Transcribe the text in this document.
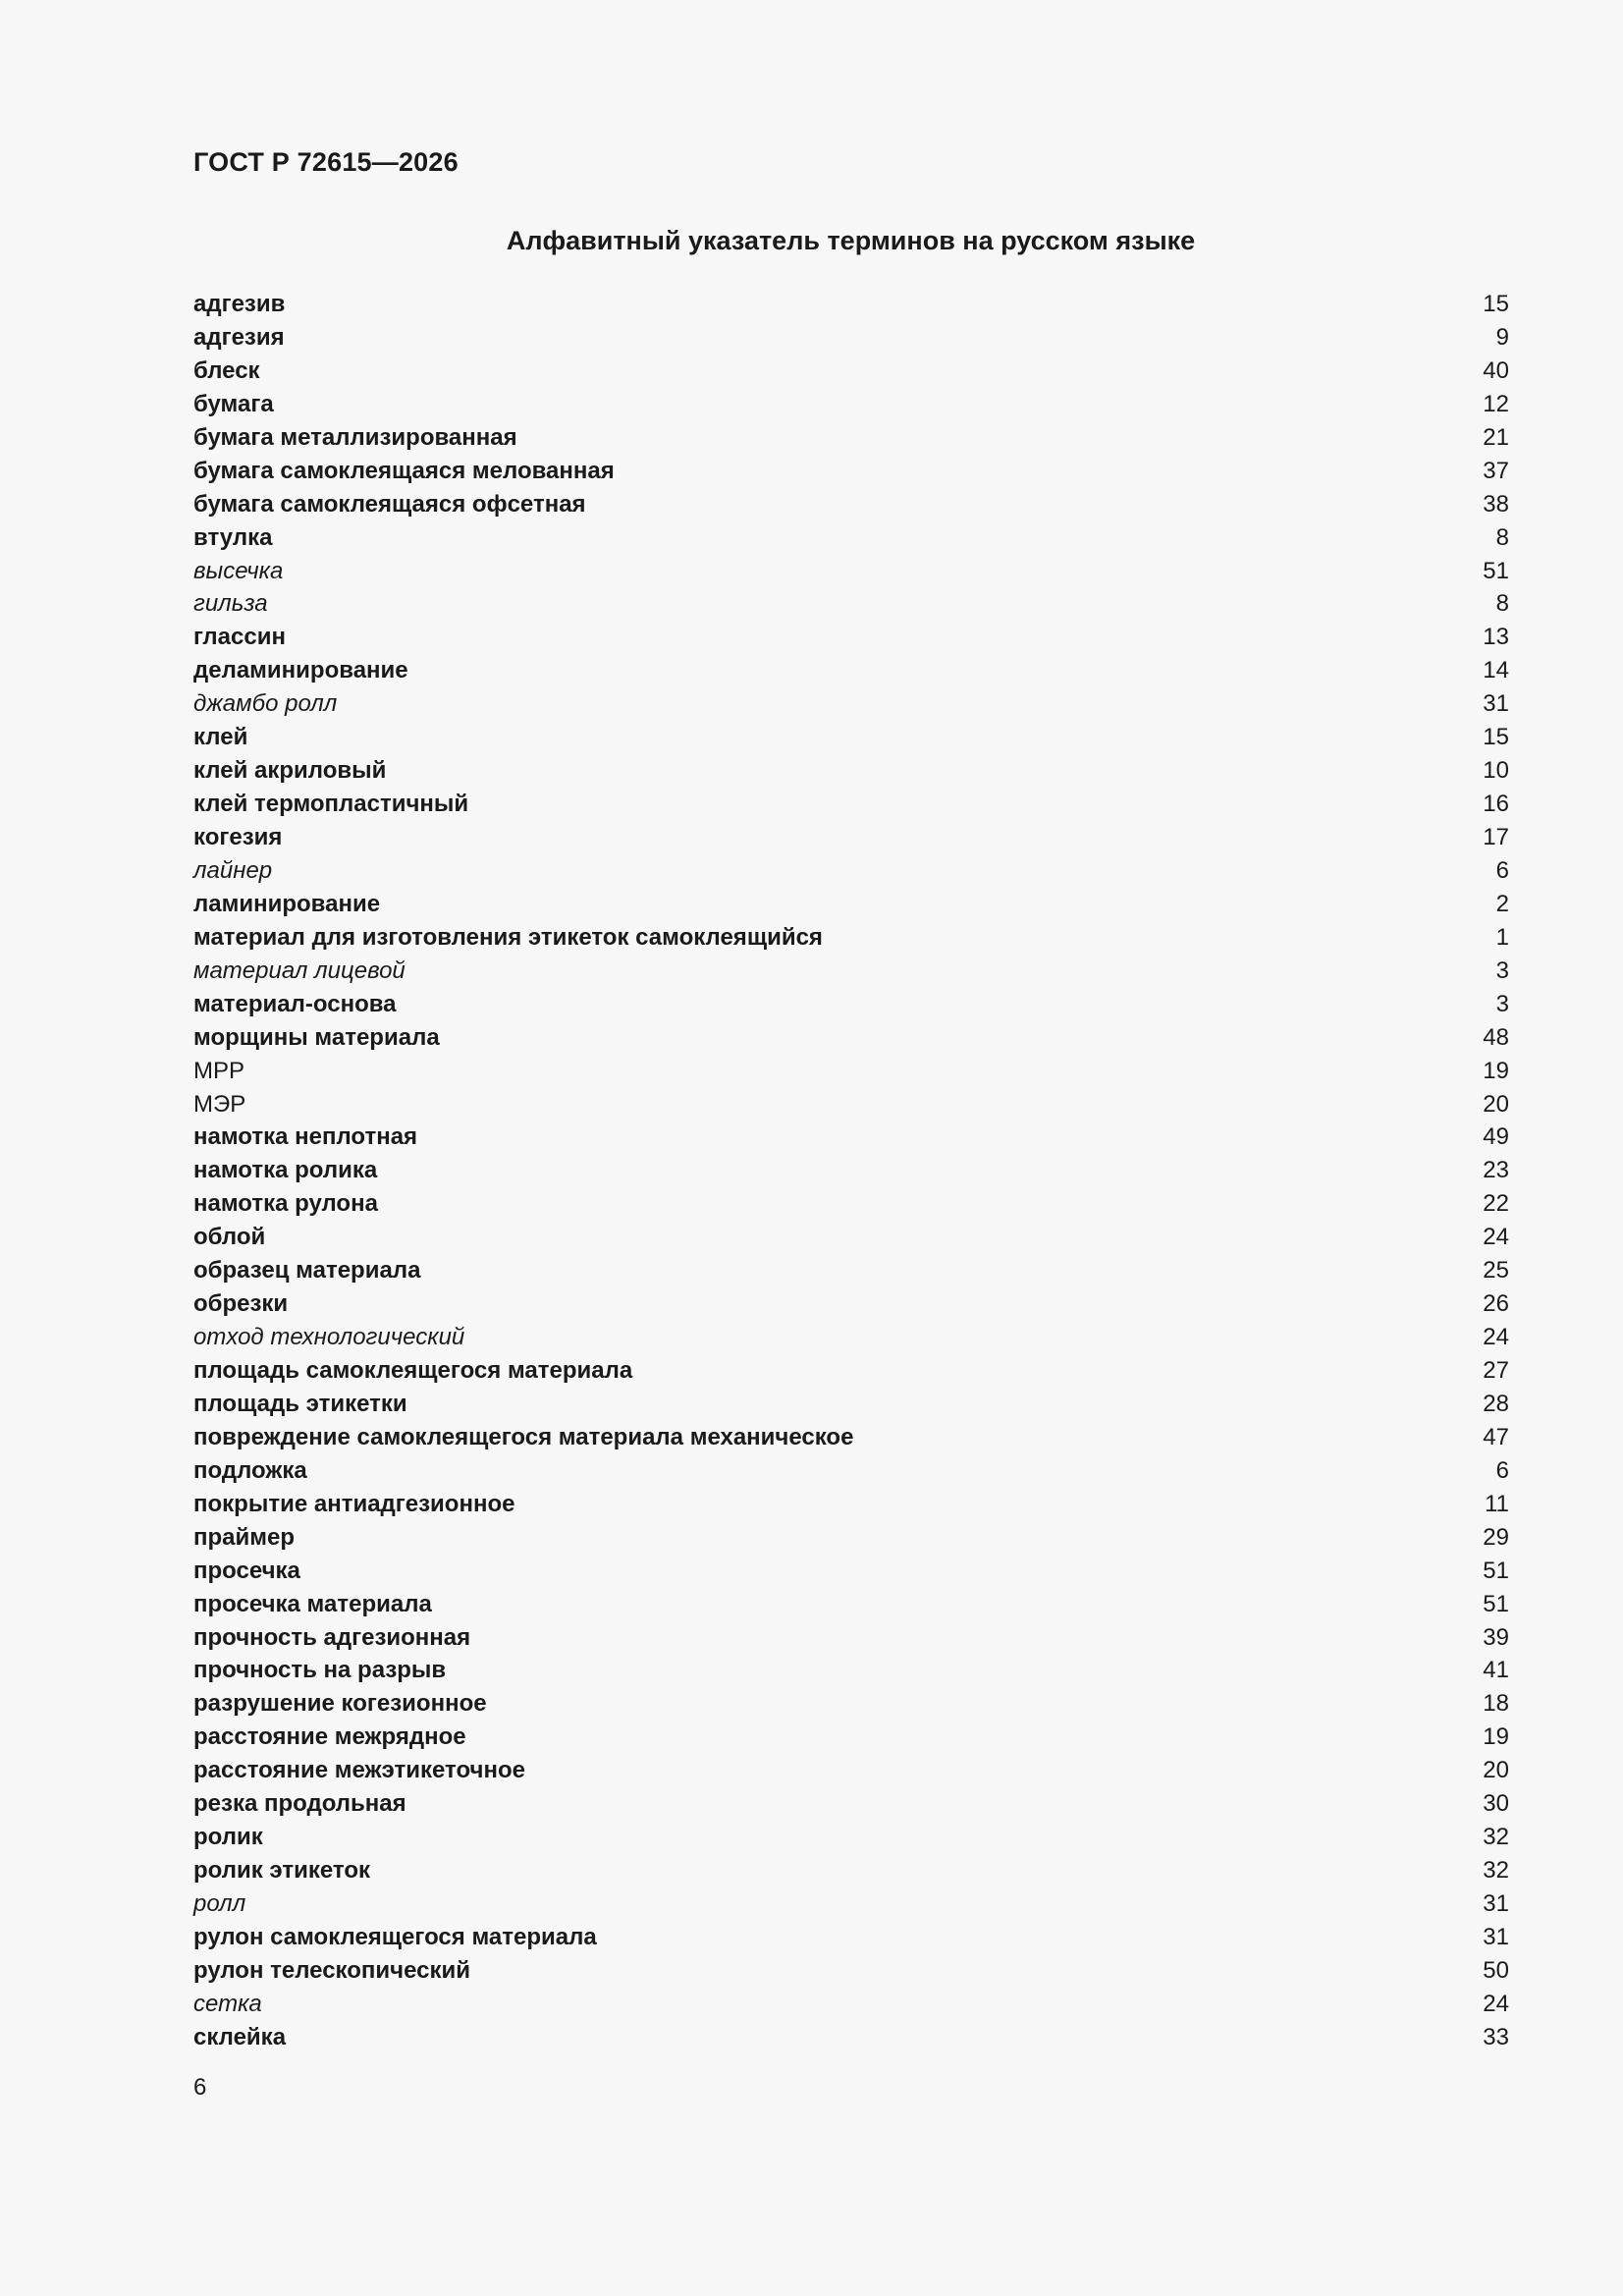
ГОСТ Р 72615—2026
Алфавитный указатель терминов на русском языке
адгезив	15
адгезия	9
блеск	40
бумага	12
бумага металлизированная	21
бумага самоклеящаяся мелованная	37
бумага самоклеящаяся офсетная	38
втулка	8
высечка	51
гильза	8
глассин	13
деламинирование	14
джамбо ролл	31
клей	15
клей акриловый	10
клей термопластичный	16
когезия	17
лайнер	6
ламинирование	2
материал для изготовления этикеток самоклеящийся	1
материал лицевой	3
материал-основа	3
морщины материала	48
МРР	19
МЭР	20
намотка неплотная	49
намотка ролика	23
намотка рулона	22
облой	24
образец материала	25
обрезки	26
отход технологический	24
площадь самоклеящегося материала	27
площадь этикетки	28
повреждение самоклеящегося материала механическое	47
подложка	6
покрытие антиадгезионное	11
праймер	29
просечка	51
просечка материала	51
прочность адгезионная	39
прочность на разрыв	41
разрушение когезионное	18
расстояние межрядное	19
расстояние межэтикеточное	20
резка продольная	30
ролик	32
ролик этикеток	32
ролл	31
рулон самоклеящегося материала	31
рулон телескопический	50
сетка	24
склейка	33
6
